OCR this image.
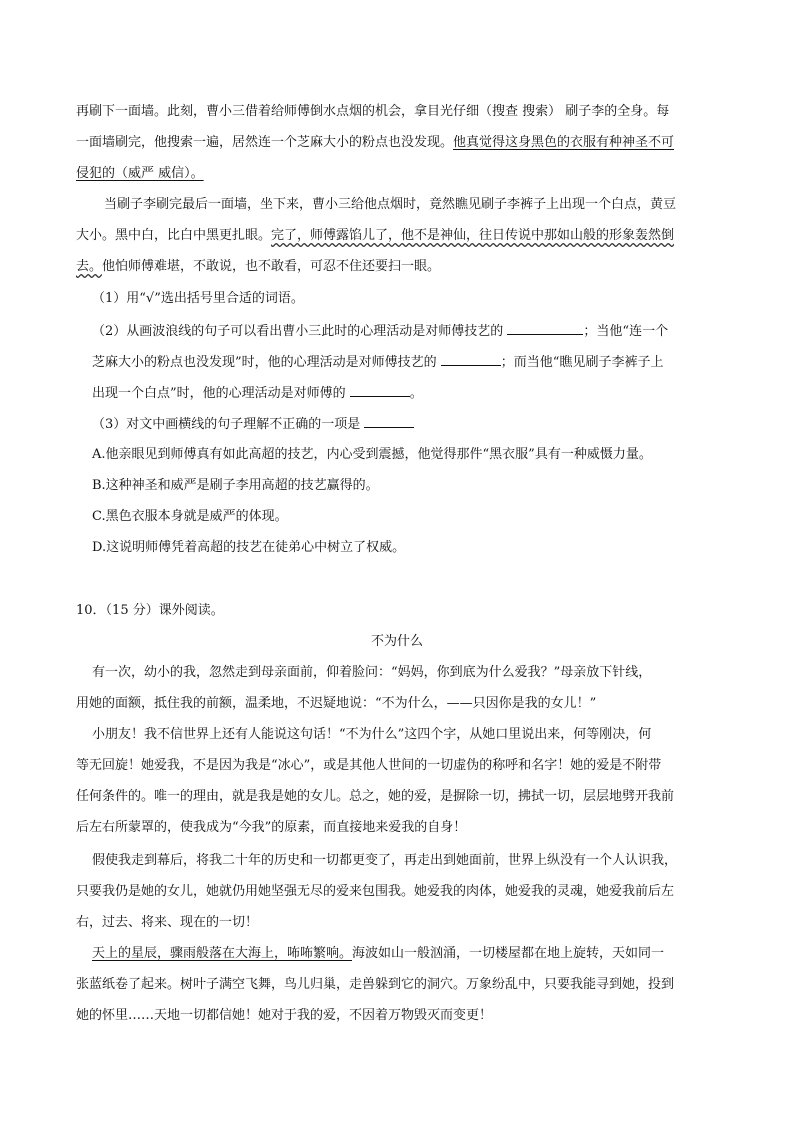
再刷下一面墙。此刻，曹小三借着给师傅倒水点烟的机会，拿目光仔细（搜查 搜索） 刷子李的全身。每
一面墙刷完，他搜索一遍，居然连一个芝麻大小的粉点也没发现。他真觉得这身黑色的衣服有种神圣不可
侵犯的（威严 威信）。
当刷子李刷完最后一面墙，坐下来，曹小三给他点烟时，竟然瞧见刷子李裤子上出现一个白点，黄豆
大小。黑中白，比白中黑更扎眼。完了，师傅露馅儿了，他不是神仙，往日传说中那如山般的形象轰然倒
去。他怕师傅难堪，不敢说，也不敢看，可忍不住还要扫一眼。
（1）用“√”选出括号里合适的词语。
（2）从画波浪线的句子可以看出曹小三此时的心理活动是对师傅技艺的	；当他“连一个
芝麻大小的粉点也没发现”时，他的心理活动是对师傅技艺的	；而当他“瞧见刷子李裤子上
出现一个白点”时，他的心理活动是对师傅的	。
（3）对文中画横线的句子理解不正确的一项是
A.他亲眼见到师傅真有如此高超的技艺，内心受到震撼，他觉得那件“黑衣服”具有一种威慑力量。
B.这种神圣和威严是刷子李用高超的技艺赢得的。
C.黑色衣服本身就是威严的体现。
D.这说明师傅凭着高超的技艺在徒弟心中树立了权威。
10．（15 分）课外阅读。
不为什么
有一次，幼小的我，忽然走到母亲面前，仰着脸问：“妈妈，你到底为什么爱我？”母亲放下针线，
用她的面额，抵住我的前额，温柔地，不迟疑地说：“不为什么，——只因你是我的女儿！”
小朋友！我不信世界上还有人能说这句话！“不为什么”这四个字，从她口里说出来，何等刚决，何
等无回旋！她爱我，不是因为我是“冰心”，或是其他人世间的一切虚伪的称呼和名字！她的爱是不附带
任何条件的。唯一的理由，就是我是她的女儿。总之，她的爱，是摒除一切，拂拭一切，层层地劈开我前
后左右所蒙罩的，使我成为“今我”的原素，而直接地来爱我的自身！
假使我走到幕后，将我二十年的历史和一切都更变了，再走出到她面前，世界上纵没有一个人认识我，
只要我仍是她的女儿，她就仍用她坚强无尽的爱来包围我。她爱我的肉体，她爱我的灵魂，她爱我前后左
右，过去、将来、现在的一切！
天上的星辰，骤雨般落在大海上，咘咘繁响。海波如山一般汹涌，一切楼屋都在地上旋转，天如同一
张蓝纸卷了起来。树叶子满空飞舞，鸟儿归巢，走兽躲到它的洞穴。万象纷乱中，只要我能寻到她，投到
她的怀里……天地一切都信她！她对于我的爱，不因着万物毁灭而变更！
